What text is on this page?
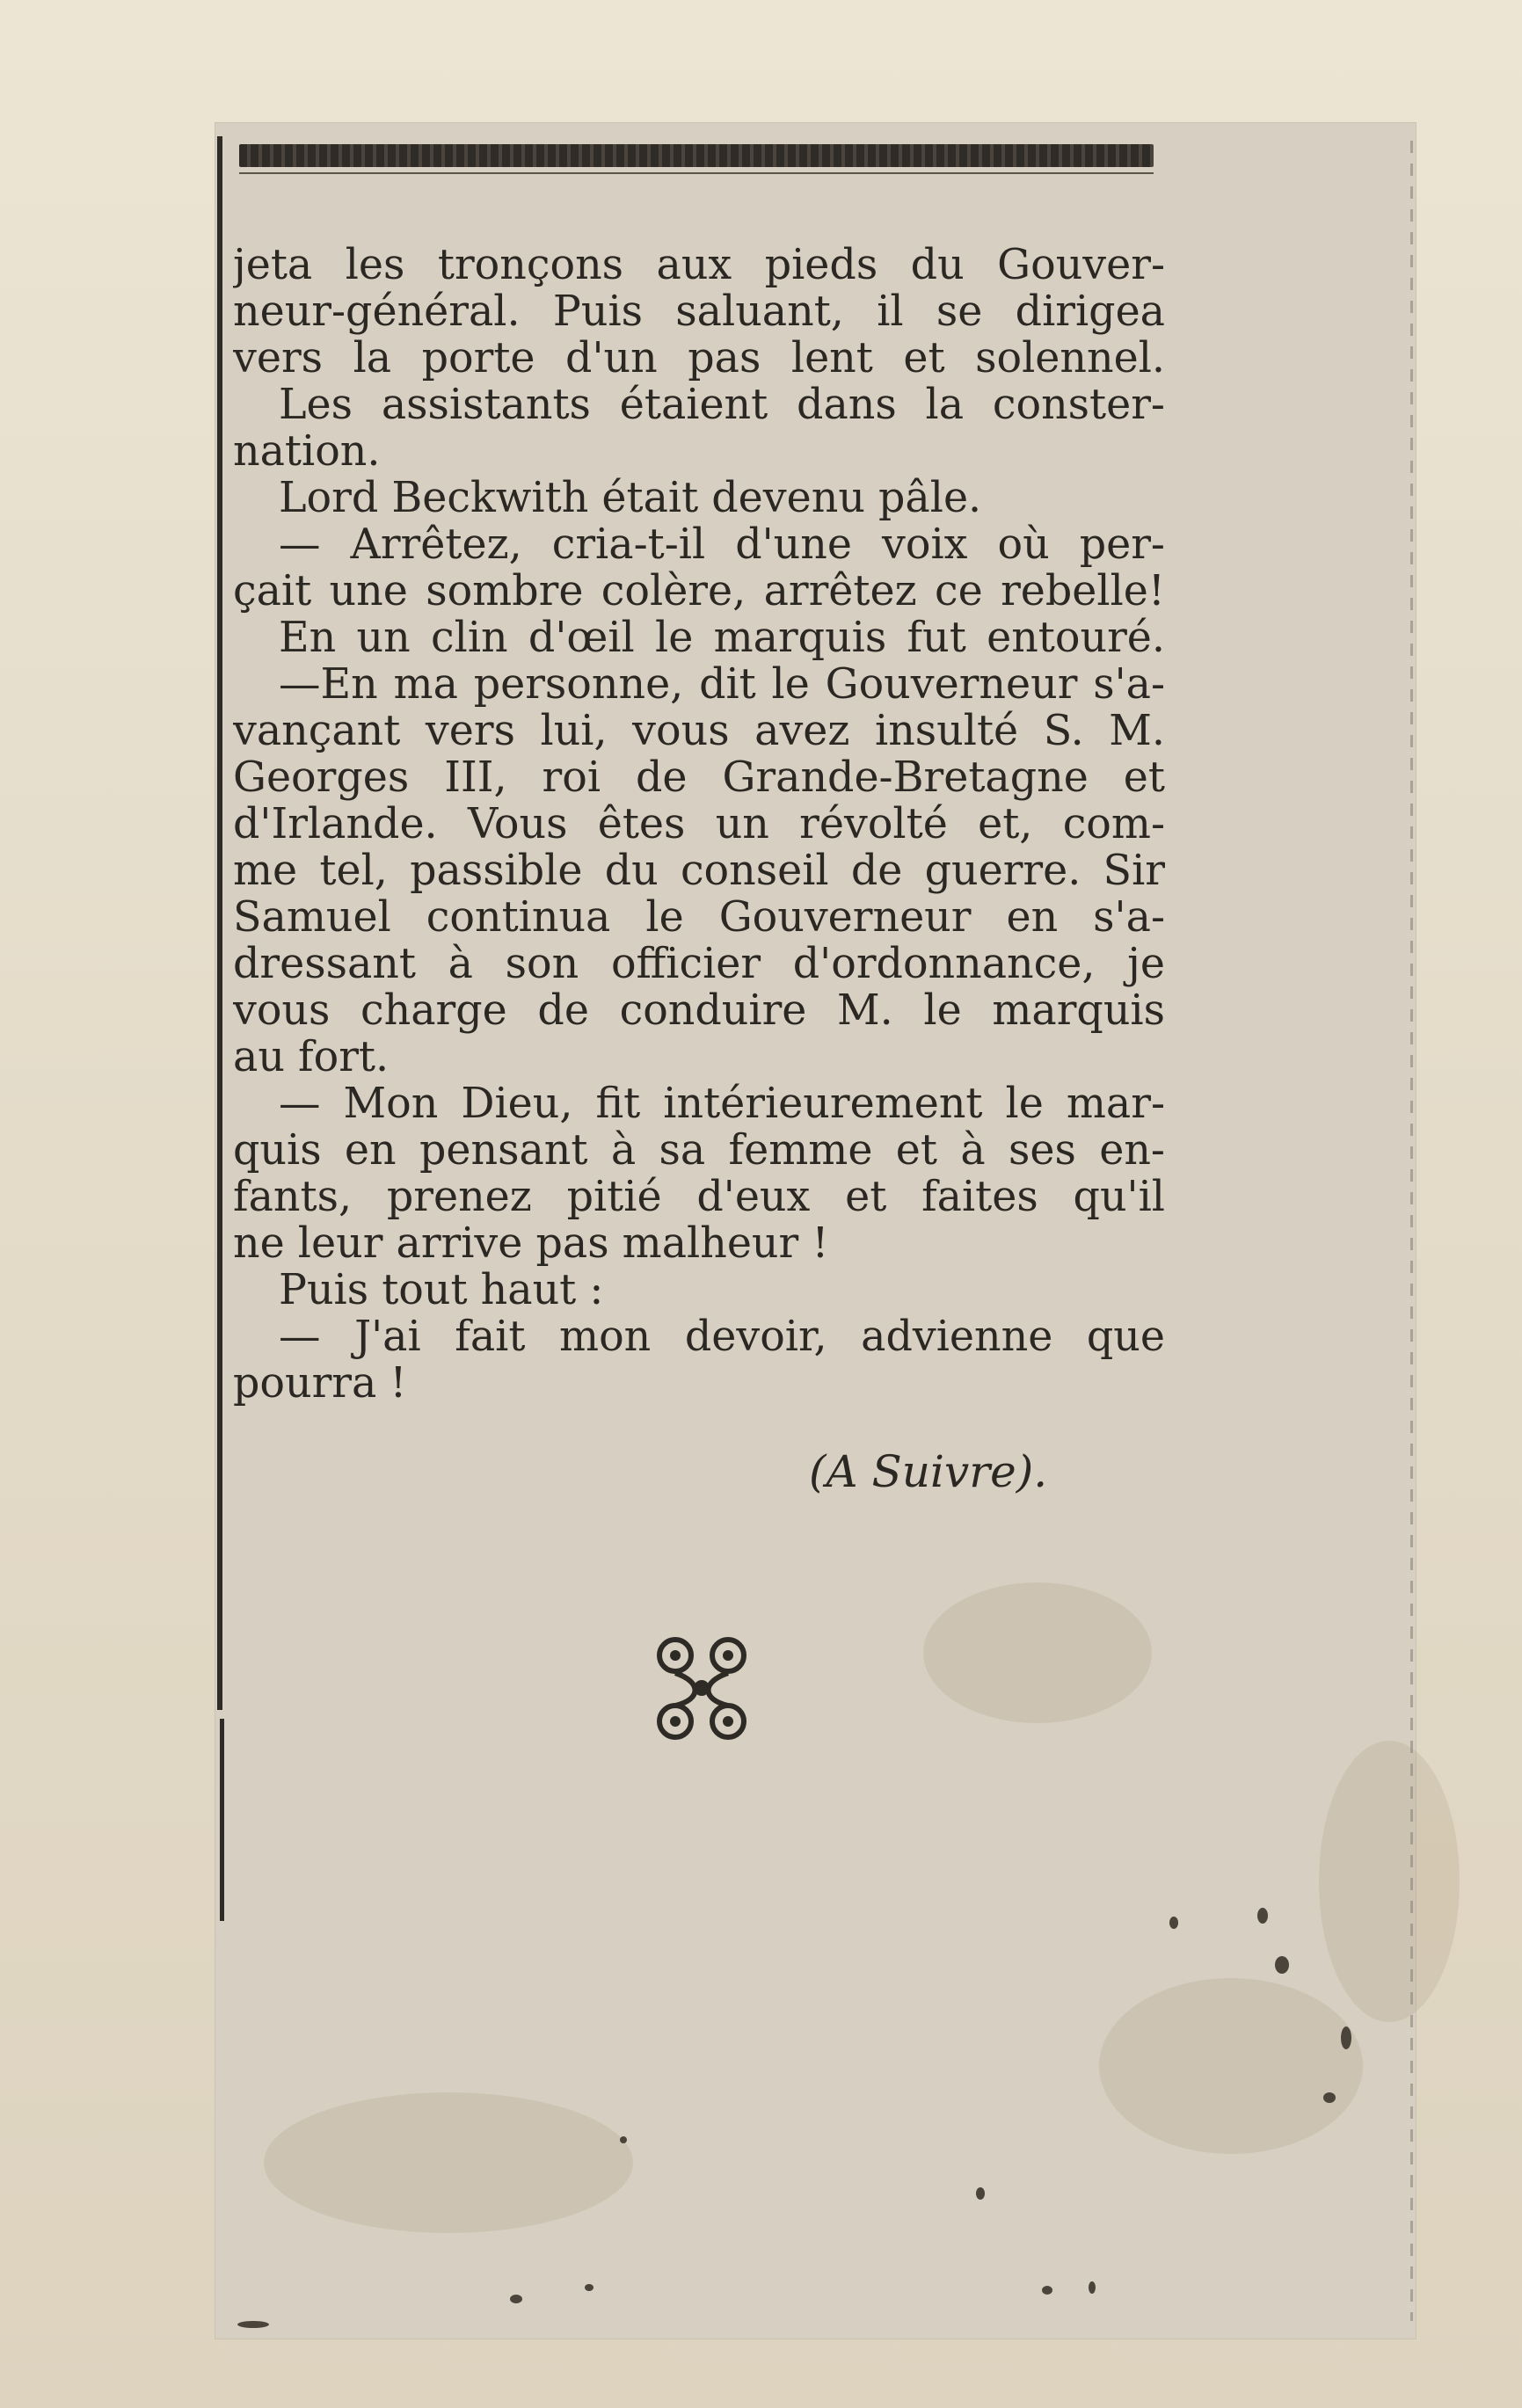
jeta les tronçons aux pieds du Gouver-
neur-général. Puis saluant, il se dirigea
vers la porte d'un pas lent et solennel.
Les assistants étaient dans la conster-
nation.
Lord Beckwith était devenu pâle.
— Arrêtez, cria-t-il d'une voix où per-
çait une sombre colère, arrêtez ce rebelle!
En un clin d'œil le marquis fut entouré.
—En ma personne, dit le Gouverneur s'a-
vançant vers lui, vous avez insulté S. M.
Georges III, roi de Grande-Bretagne et
d'Irlande. Vous êtes un révolté et, com-
me tel, passible du conseil de guerre. Sir
Samuel continua le Gouverneur en s'a-
dressant à son officier d'ordonnance, je
vous charge de conduire M. le marquis
au fort.
— Mon Dieu, fit intérieurement le mar-
quis en pensant à sa femme et à ses en-
fants, prenez pitié d'eux et faites qu'il
ne leur arrive pas malheur !
Puis tout haut :
— J'ai fait mon devoir, advienne que
pourra !
(A Suivre).
